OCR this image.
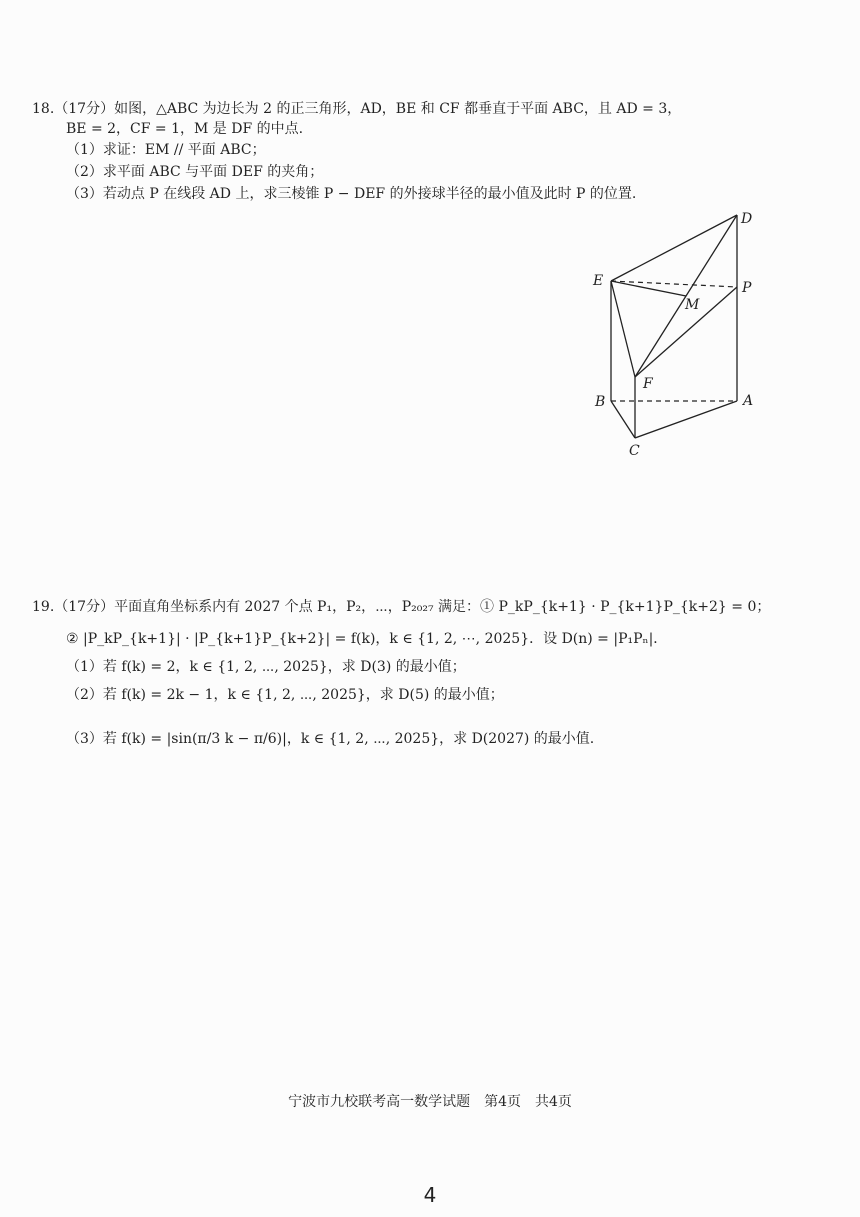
18.（17分）如图，△ABC 为边长为 2 的正三角形，AD，BE 和 CF 都垂直于平面 ABC，且 AD = 3，
BE = 2，CF = 1，M 是 DF 的中点.
（1）求证：EM // 平面 ABC；
（2）求平面 ABC 与平面 DEF 的夹角；
（3）若动点 P 在线段 AD 上，求三棱锥 P − DEF 的外接球半径的最小值及此时 P 的位置.
D
E	P
M
F
B	A
C
19.（17分）平面直角坐标系内有 2027 个点 P₁，P₂，⋯，P₂₀₂₇ 满足：① P_kP_{k+1} · P_{k+1}P_{k+2} = 0；
② |P_kP_{k+1}| · |P_{k+1}P_{k+2}| = f(k)，k ∈ {1, 2, ⋯, 2025}．设 D(n) = |P₁Pₙ|．
（1）若 f(k) = 2，k ∈ {1, 2, ⋯, 2025}，求 D(3) 的最小值；
（2）若 f(k) = 2k − 1，k ∈ {1, 2, ⋯, 2025}，求 D(5) 的最小值；
（3）若 f(k) = |sin(π/3 k − π/6)|，k ∈ {1, 2, ⋯, 2025}，求 D(2027) 的最小值.
宁波市九校联考高一数学试题　第4页　共4页
4
